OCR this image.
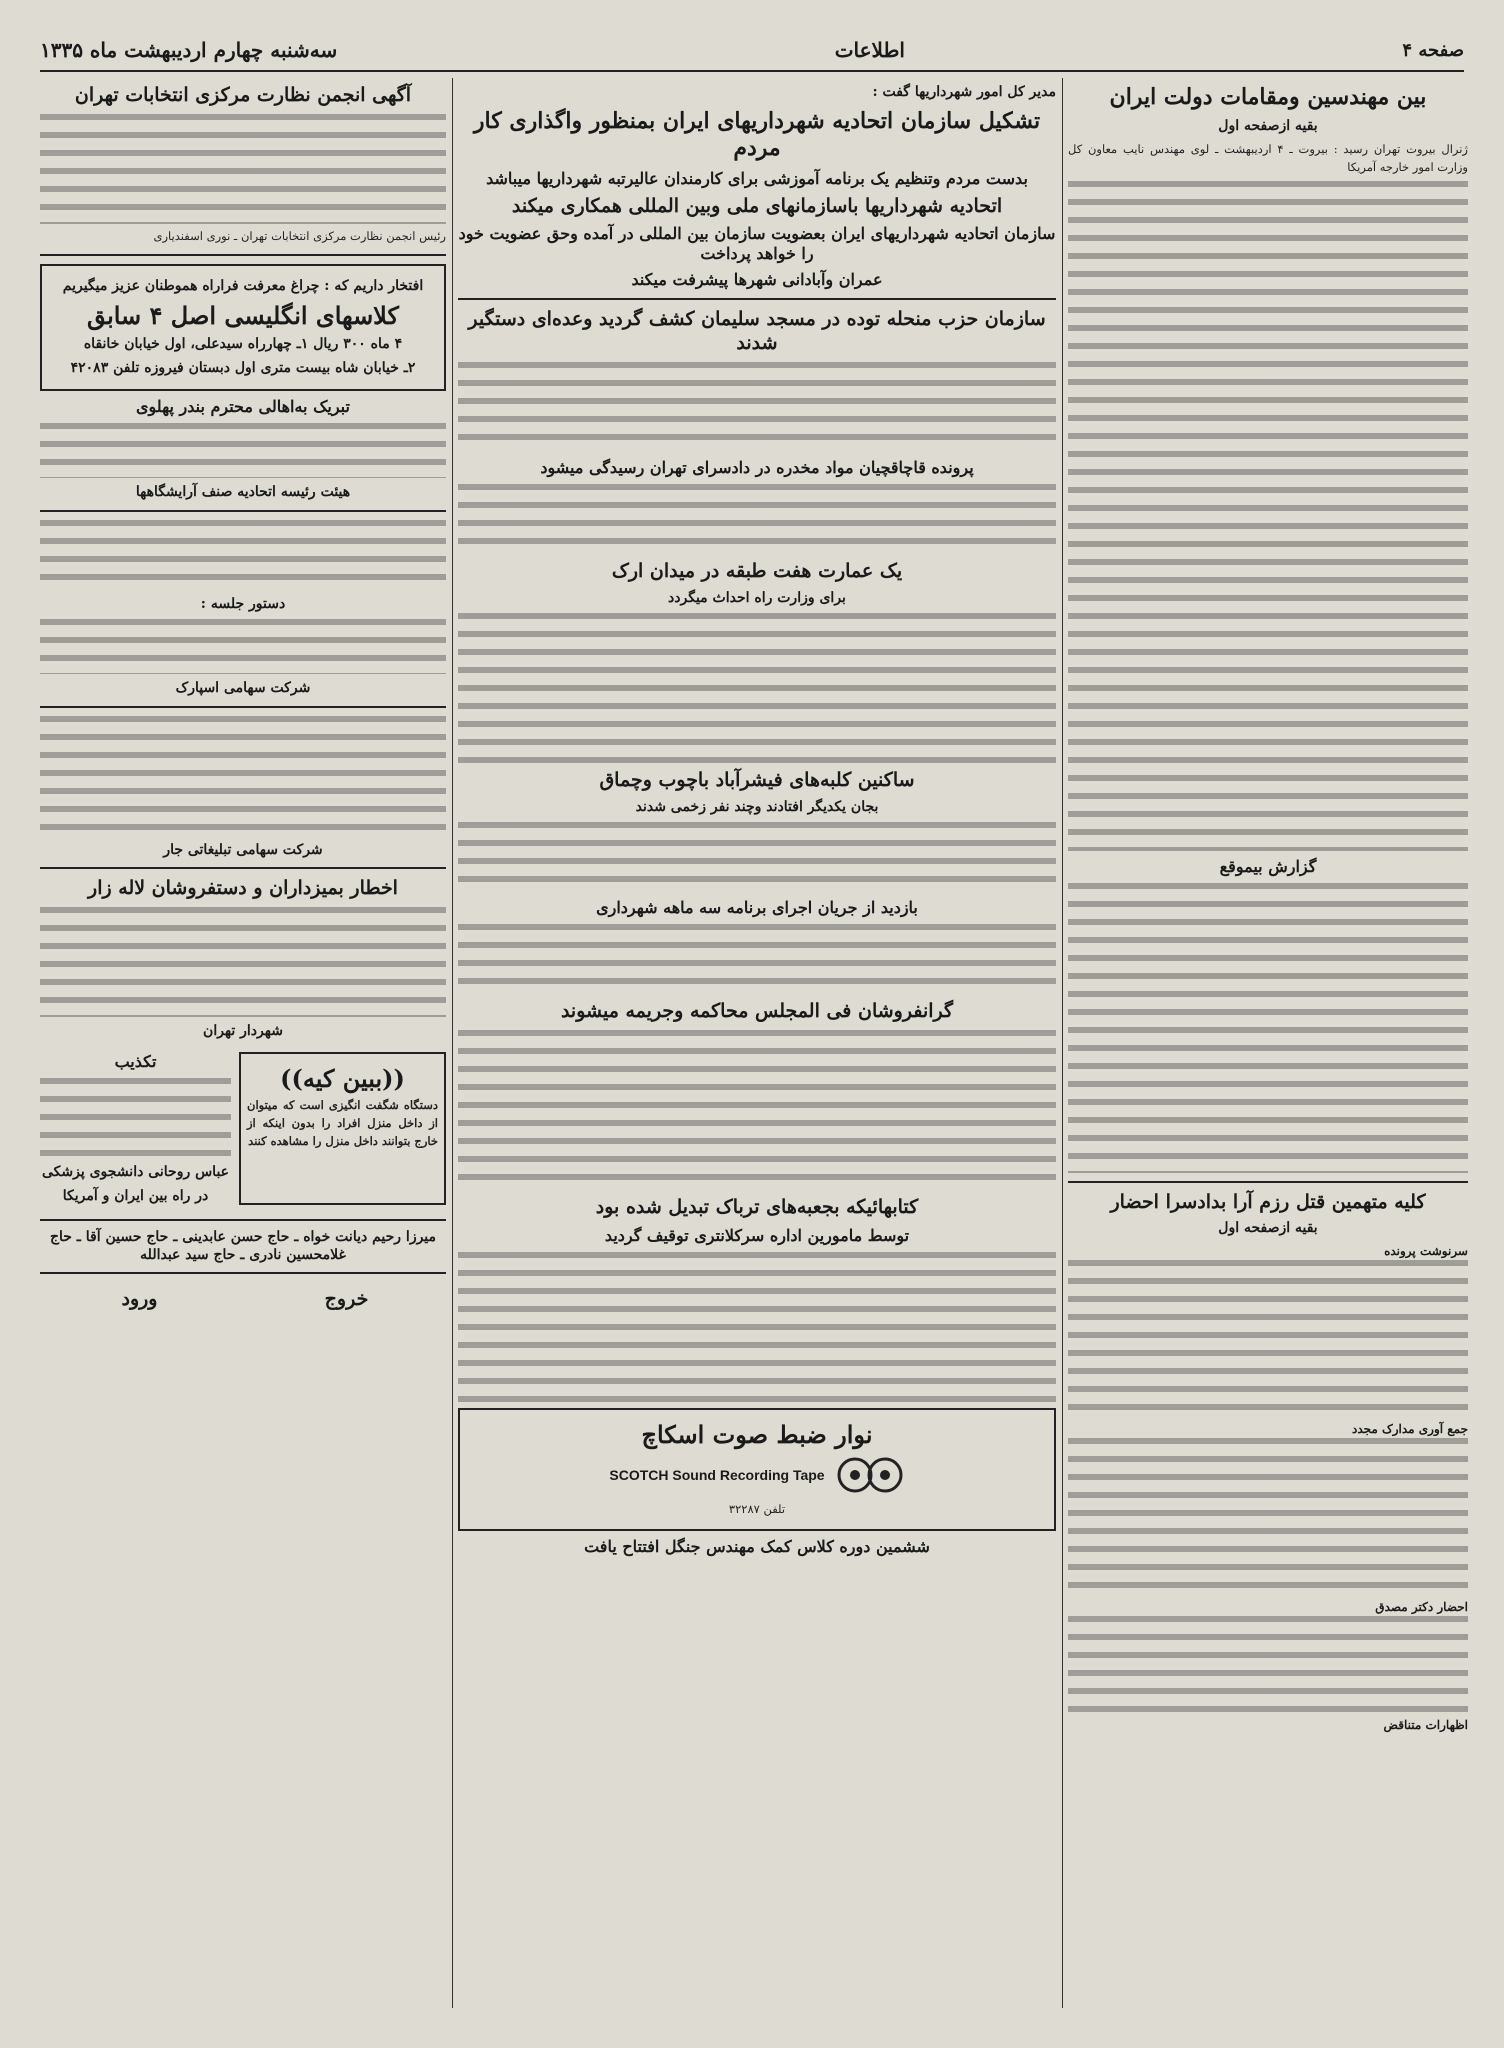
صفحه ۴
اطلاعات
سه‌شنبه چهارم اردیبهشت ماه ۱۳۳۵
بین مهندسین ومقامات دولت ایران
بقیه ازصفحه اول
ژنرال بیروت تهران رسید : بیروت ـ ۴ اردیبهشت ـ لوی مهندس نایب معاون کل وزارت امور خارجه آمریکا
گزارش بیموقع
کلیه متهمین قتل رزم آرا بدادسرا احضار
بقیه ازصفحه اول
سرنوشت پرونده
جمع آوری مدارک مجدد
احضار دکتر مصدق
اظهارات متناقض
مدیر کل امور شهرداریها گفت :
تشکیل سازمان اتحادیه شهرداریهای ایران بمنظور واگذاری کار مردم
بدست مردم وتنظیم یک برنامه آموزشی برای کارمندان عالیرتبه شهرداریها میباشد
اتحادیه شهرداریها باسازمانهای ملی وبین المللی همکاری میکند
سازمان اتحادیه شهرداریهای ایران بعضویت سازمان بین المللی در آمده وحق عضویت خود را خواهد پرداخت
عمران وآبادانی شهرها پیشرفت میکند
سازمان حزب منحله توده در مسجد سلیمان کشف گردید وعده‌ای دستگیر شدند
پرونده قاچاقچیان مواد مخدره در دادسرای تهران رسیدگی میشود
یک عمارت هفت طبقه در میدان ارک
برای وزارت راه احداث میگردد
ساکنین کلبه‌های فیشرآباد باچوب وچماق
بجان یکدیگر افتادند وچند نفر زخمی شدند
بازدید از جریان اجرای برنامه سه ماهه شهرداری
گرانفروشان فی المجلس محاکمه وجریمه میشوند
کتابهائیکه بجعبه‌های ترباک تبدیل شده بود
توسط مامورین اداره سرکلانتری توقیف گردید
نوار ضبط صوت اسکاچ
SCOTCH Sound Recording Tape
تلفن ۳۲۲۸۷
ششمین دوره کلاس کمک مهندس جنگل افتتاح یافت
آگهی انجمن نظارت مرکزی انتخابات تهران
رئیس انجمن نظارت مرکزی انتخابات تهران ـ نوری اسفندیاری
افتخار داریم که : چراغ معرفت فراراه هموطنان عزیز میگیریم
کلاسهای انگلیسی اصل ۴ سابق
۴ ماه ۳۰۰ ریال ۱ـ چهارراه سیدعلی، اول خیابان خانقاه
۲ـ خیابان شاه بیست متری اول دبستان فیروزه تلفن ۴۲۰۸۳
تبریک به‌اهالی محترم بندر پهلوی
هیئت رئیسه اتحادیه صنف آرایشگاهها
دستور جلسه :
شرکت سهامی اسپارک
شرکت سهامی تبلیغاتی جار
اخطار بمیزداران و دستفروشان لاله زار
شهردار تهران
((ببین کیه))
دستگاه شگفت انگیزی است که میتوان از داخل منزل افراد را بدون اینکه از خارج بتوانند داخل منزل را مشاهده کنند
تکذیب
عباس روحانی دانشجوی پزشکی
در راه بین ایران و آمریکا
میرزا رحیم دیانت خواه ـ حاج حسن عابدینی ـ حاج حسین آقا ـ حاج غلامحسین نادری ـ حاج سید عبدالله
خروج
ورود
